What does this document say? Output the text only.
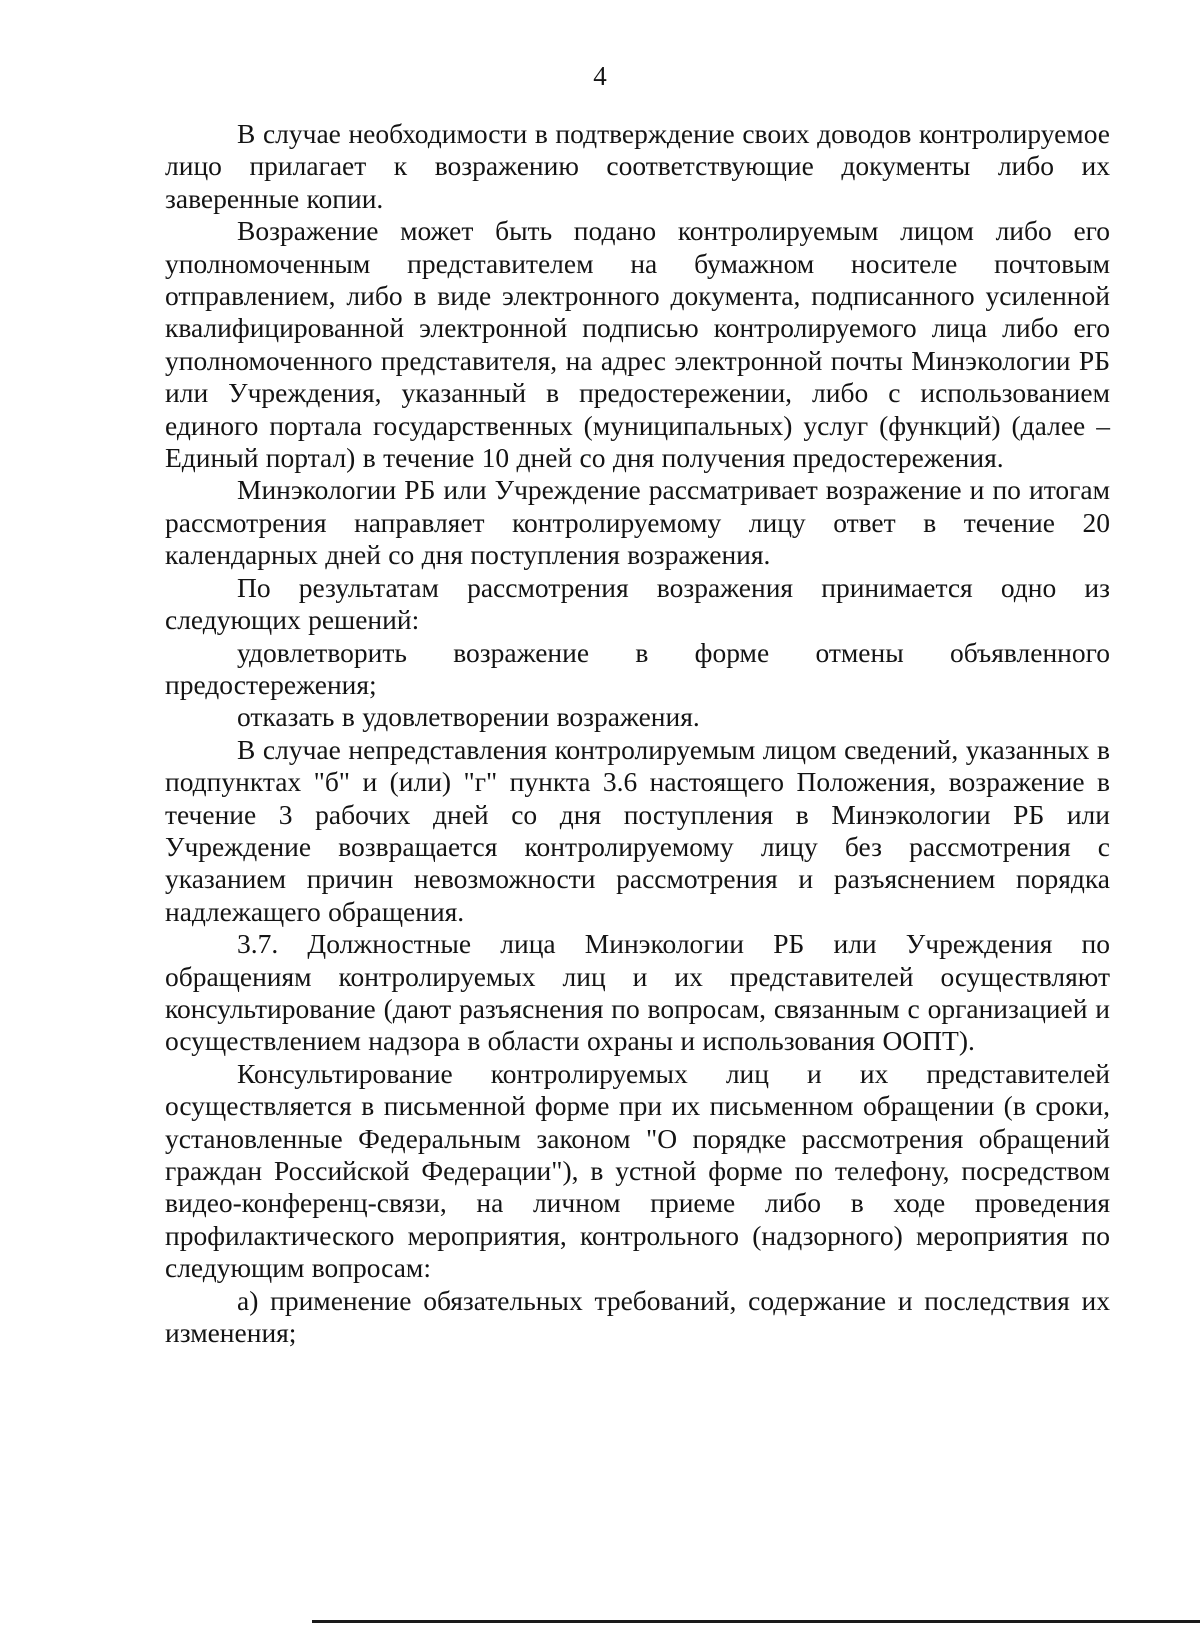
4

В случае необходимости в подтверждение своих доводов контролируемое лицо прилагает к возражению соответствующие документы либо их заверенные копии.

Возражение может быть подано контролируемым лицом либо его уполномоченным представителем на бумажном носителе почтовым отправлением, либо в виде электронного документа, подписанного усиленной квалифицированной электронной подписью контролируемого лица либо его уполномоченного представителя, на адрес электронной почты Минэкологии РБ или Учреждения, указанный в предостережении, либо с использованием единого портала государственных (муниципальных) услуг (функций) (далее – Единый портал) в течение 10 дней со дня получения предостережения.

Минэкологии РБ или Учреждение рассматривает возражение и по итогам рассмотрения направляет контролируемому лицу ответ в течение 20 календарных дней со дня поступления возражения.

По результатам рассмотрения возражения принимается одно из следующих решений:

удовлетворить возражение в форме отмены объявленного предостережения;

отказать в удовлетворении возражения.

В случае непредставления контролируемым лицом сведений, указанных в подпунктах "б" и (или) "г" пункта 3.6 настоящего Положения, возражение в течение 3 рабочих дней со дня поступления в Минэкологии РБ или Учреждение возвращается контролируемому лицу без рассмотрения с указанием причин невозможности рассмотрения и разъяснением порядка надлежащего обращения.

3.7. Должностные лица Минэкологии РБ или Учреждения по обращениям контролируемых лиц и их представителей осуществляют консультирование (дают разъяснения по вопросам, связанным с организацией и осуществлением надзора в области охраны и использования ООПТ).

Консультирование контролируемых лиц и их представителей осуществляется в письменной форме при их письменном обращении (в сроки, установленные Федеральным законом "О порядке рассмотрения обращений граждан Российской Федерации"), в устной форме по телефону, посредством видео-конференц-связи, на личном приеме либо в ходе проведения профилактического мероприятия, контрольного (надзорного) мероприятия по следующим вопросам:

а) применение обязательных требований, содержание и последствия их изменения;
